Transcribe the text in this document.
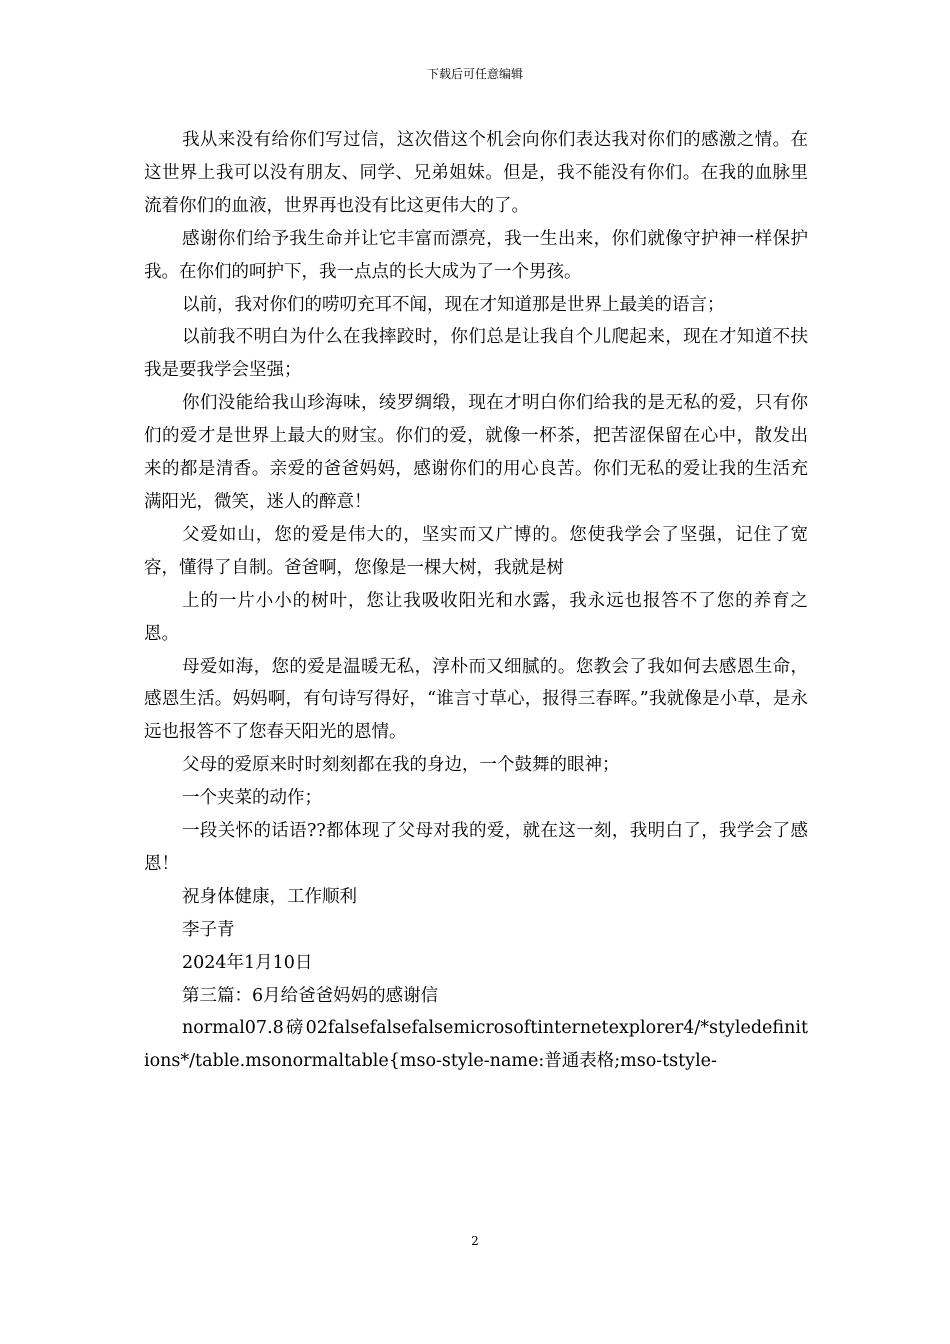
下载后可任意编辑

我从来没有给你们写过信，这次借这个机会向你们表达我对你们的感激之情。在这世界上我可以没有朋友、同学、兄弟姐妹。但是，我不能没有你们。在我的血脉里流着你们的血液，世界再也没有比这更伟大的了。

感谢你们给予我生命并让它丰富而漂亮，我一生出来，你们就像守护神一样保护我。在你们的呵护下，我一点点的长大成为了一个男孩。

以前，我对你们的唠叨充耳不闻，现在才知道那是世界上最美的语言；

以前我不明白为什么在我摔跤时，你们总是让我自个儿爬起来，现在才知道不扶我是要我学会坚强；

你们没能给我山珍海味，绫罗绸缎，现在才明白你们给我的是无私的爱，只有你们的爱才是世界上最大的财宝。你们的爱，就像一杯茶，把苦涩保留在心中，散发出来的都是清香。亲爱的爸爸妈妈，感谢你们的用心良苦。你们无私的爱让我的生活充满阳光，微笑，迷人的醉意！

父爱如山，您的爱是伟大的，坚实而又广博的。您使我学会了坚强，记住了宽容，懂得了自制。爸爸啊，您像是一棵大树，我就是树

上的一片小小的树叶，您让我吸收阳光和水露，我永远也报答不了您的养育之恩。

母爱如海，您的爱是温暖无私，淳朴而又细腻的。您教会了我如何去感恩生命，感恩生活。妈妈啊，有句诗写得好，“谁言寸草心，报得三春晖。”我就像是小草，是永远也报答不了您春天阳光的恩情。

父母的爱原来时时刻刻都在我的身边，一个鼓舞的眼神；

一个夹菜的动作；

一段关怀的话语??都体现了父母对我的爱，就在这一刻，我明白了，我学会了感恩！

祝身体健康，工作顺利

李子青

2024年1月10日

第三篇：6月给爸爸妈妈的感谢信

normal07.8磅02falsefalsefalsemicrosoftinternetexplorer4/*styledefinitions*/table.msonormaltable{mso-style-name:普通表格;mso-tstyle-

2
